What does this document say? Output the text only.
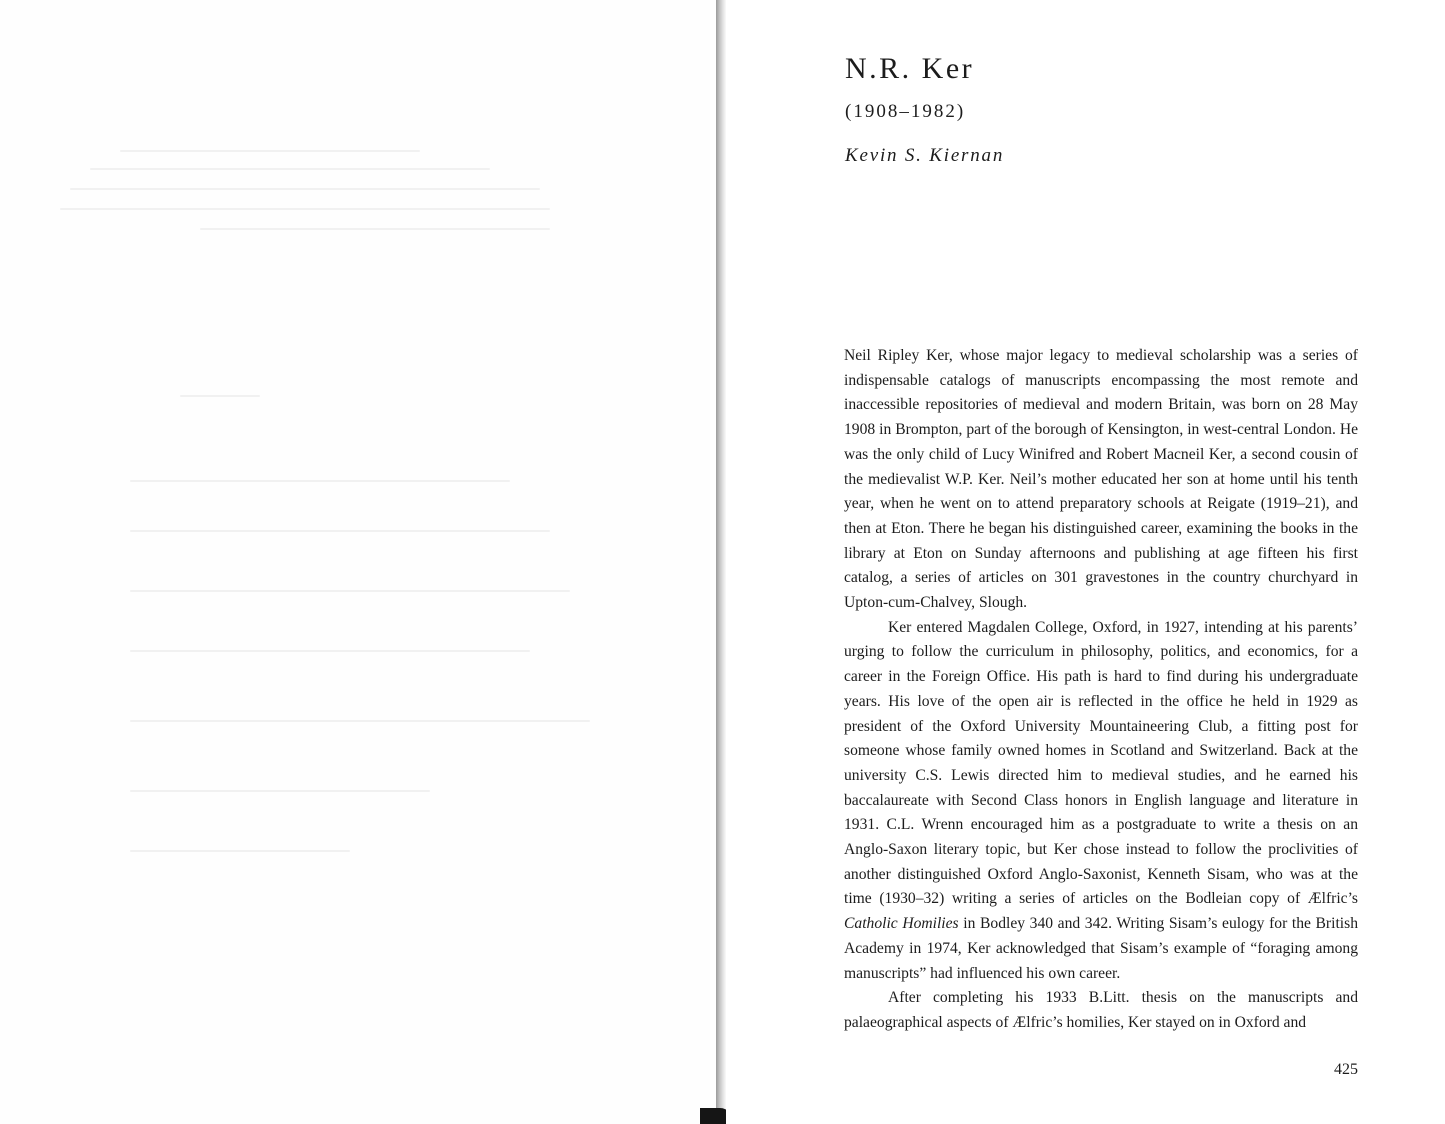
N.R. Ker

(1908–1982)

Kevin S. Kiernan

Neil Ripley Ker, whose major legacy to medieval scholarship was a series of indispensable catalogs of manuscripts encompassing the most remote and inaccessible repositories of medieval and modern Britain, was born on 28 May 1908 in Brompton, part of the borough of Kensington, in west-central London. He was the only child of Lucy Winifred and Robert Macneil Ker, a second cousin of the medievalist W.P. Ker. Neil’s mother educated her son at home until his tenth year, when he went on to attend preparatory schools at Reigate (1919–21), and then at Eton. There he began his distinguished career, examining the books in the library at Eton on Sunday afternoons and publishing at age fifteen his first catalog, a series of articles on 301 gravestones in the country churchyard in Upton-cum-Chalvey, Slough.

Ker entered Magdalen College, Oxford, in 1927, intending at his parents’ urging to follow the curriculum in philosophy, politics, and economics, for a career in the Foreign Office. His path is hard to find during his undergraduate years. His love of the open air is reflected in the office he held in 1929 as president of the Oxford University Mountaineering Club, a fitting post for someone whose family owned homes in Scotland and Switzerland. Back at the university C.S. Lewis directed him to medieval studies, and he earned his baccalaureate with Second Class honors in English language and literature in 1931. C.L. Wrenn encouraged him as a postgraduate to write a thesis on an Anglo-Saxon literary topic, but Ker chose instead to follow the proclivities of another distinguished Oxford Anglo-Saxonist, Kenneth Sisam, who was at the time (1930–32) writing a series of articles on the Bodleian copy of Ælfric’s Catholic Homilies in Bodley 340 and 342. Writing Sisam’s eulogy for the British Academy in 1974, Ker acknowledged that Sisam’s example of “foraging among manuscripts” had influenced his own career.

After completing his 1933 B.Litt. thesis on the manuscripts and palaeographical aspects of Ælfric’s homilies, Ker stayed on in Oxford and

425
